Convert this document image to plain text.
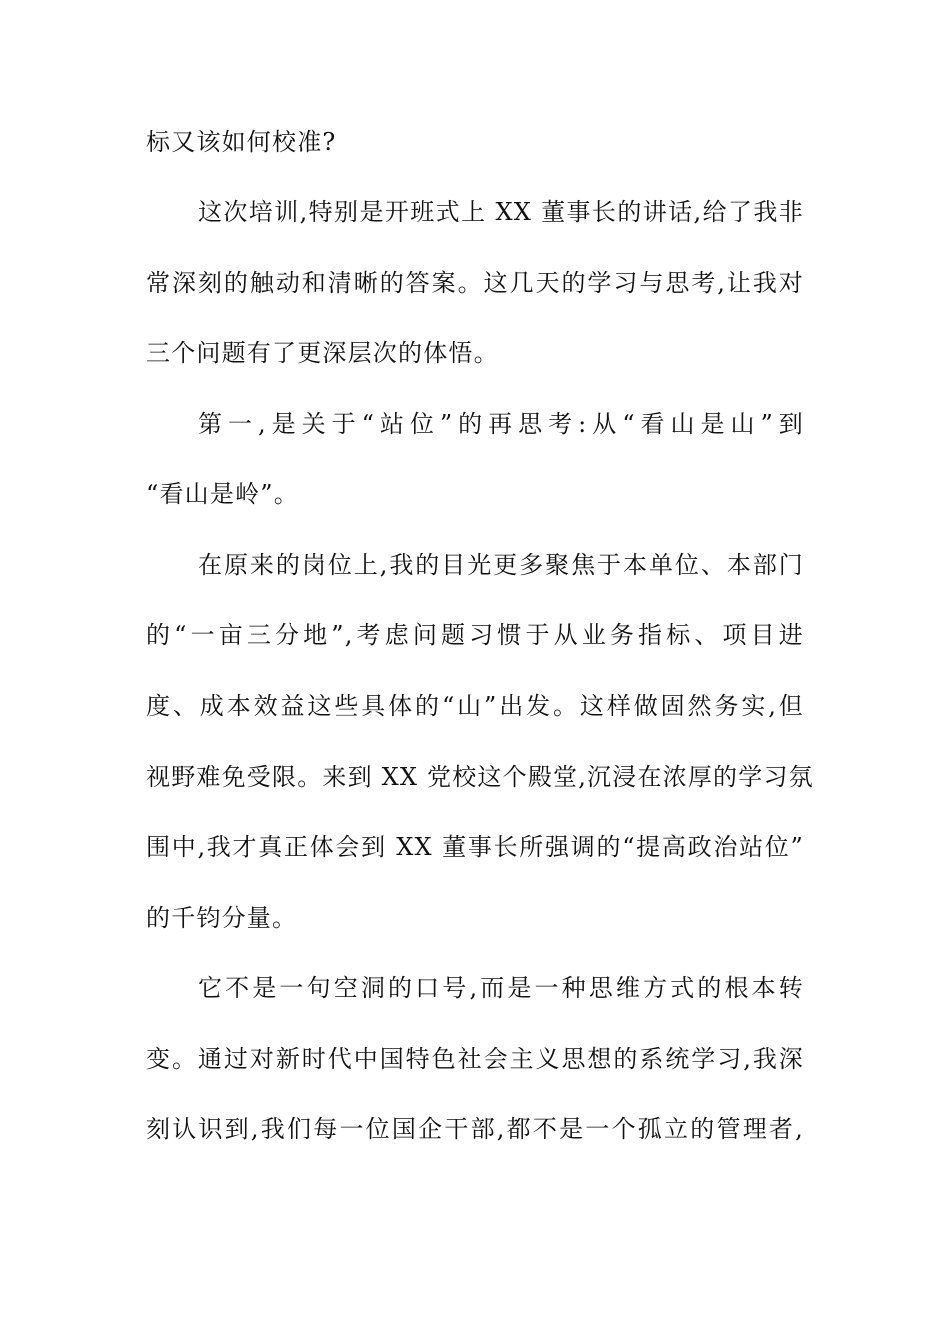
标又该如何校准?
这次培训,特别是开班式上 XX 董事长的讲话,给了我非
常深刻的触动和清晰的答案。这几天的学习与思考,让我对
三个问题有了更深层次的体悟。
第一,是关于“站位”的再思考:从“看山是山”到
“看山是岭”。
在原来的岗位上,我的目光更多聚焦于本单位、本部门
的“一亩三分地”,考虑问题习惯于从业务指标、项目进
度、成本效益这些具体的“山”出发。这样做固然务实,但
视野难免受限。来到 XX 党校这个殿堂,沉浸在浓厚的学习氛
围中,我才真正体会到 XX 董事长所强调的“提高政治站位”
的千钧分量。
它不是一句空洞的口号,而是一种思维方式的根本转
变。通过对新时代中国特色社会主义思想的系统学习,我深
刻认识到,我们每一位国企干部,都不是一个孤立的管理者,
